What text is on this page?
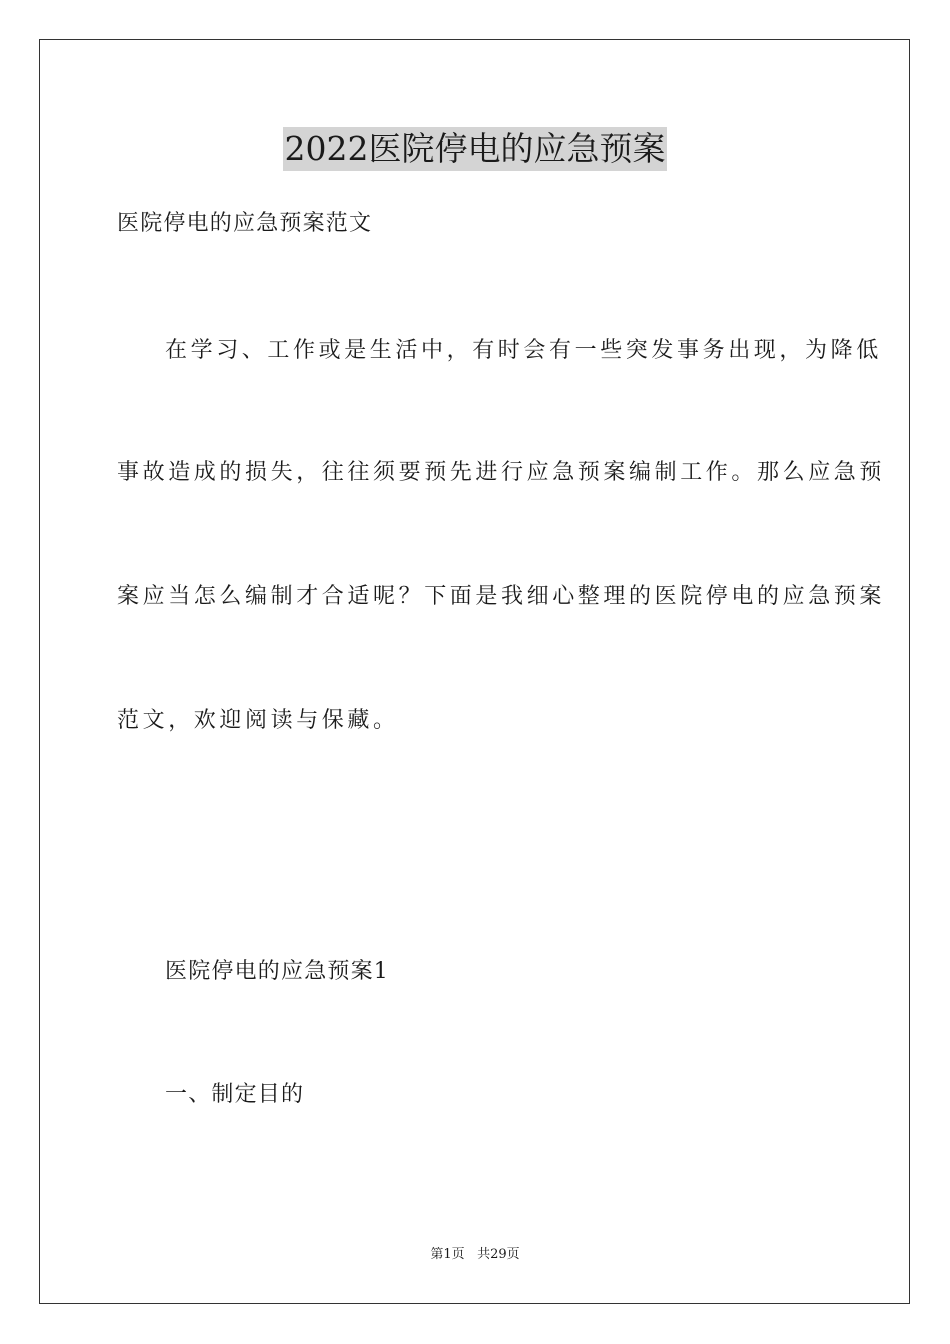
2022医院停电的应急预案
医院停电的应急预案范文
在学习、工作或是生活中，有时会有一些突发事务出现，为降低
事故造成的损失，往往须要预先进行应急预案编制工作。那么应急预
案应当怎么编制才合适呢？下面是我细心整理的医院停电的应急预案
范文，欢迎阅读与保藏。
医院停电的应急预案1
一、制定目的
第1页 共29页
